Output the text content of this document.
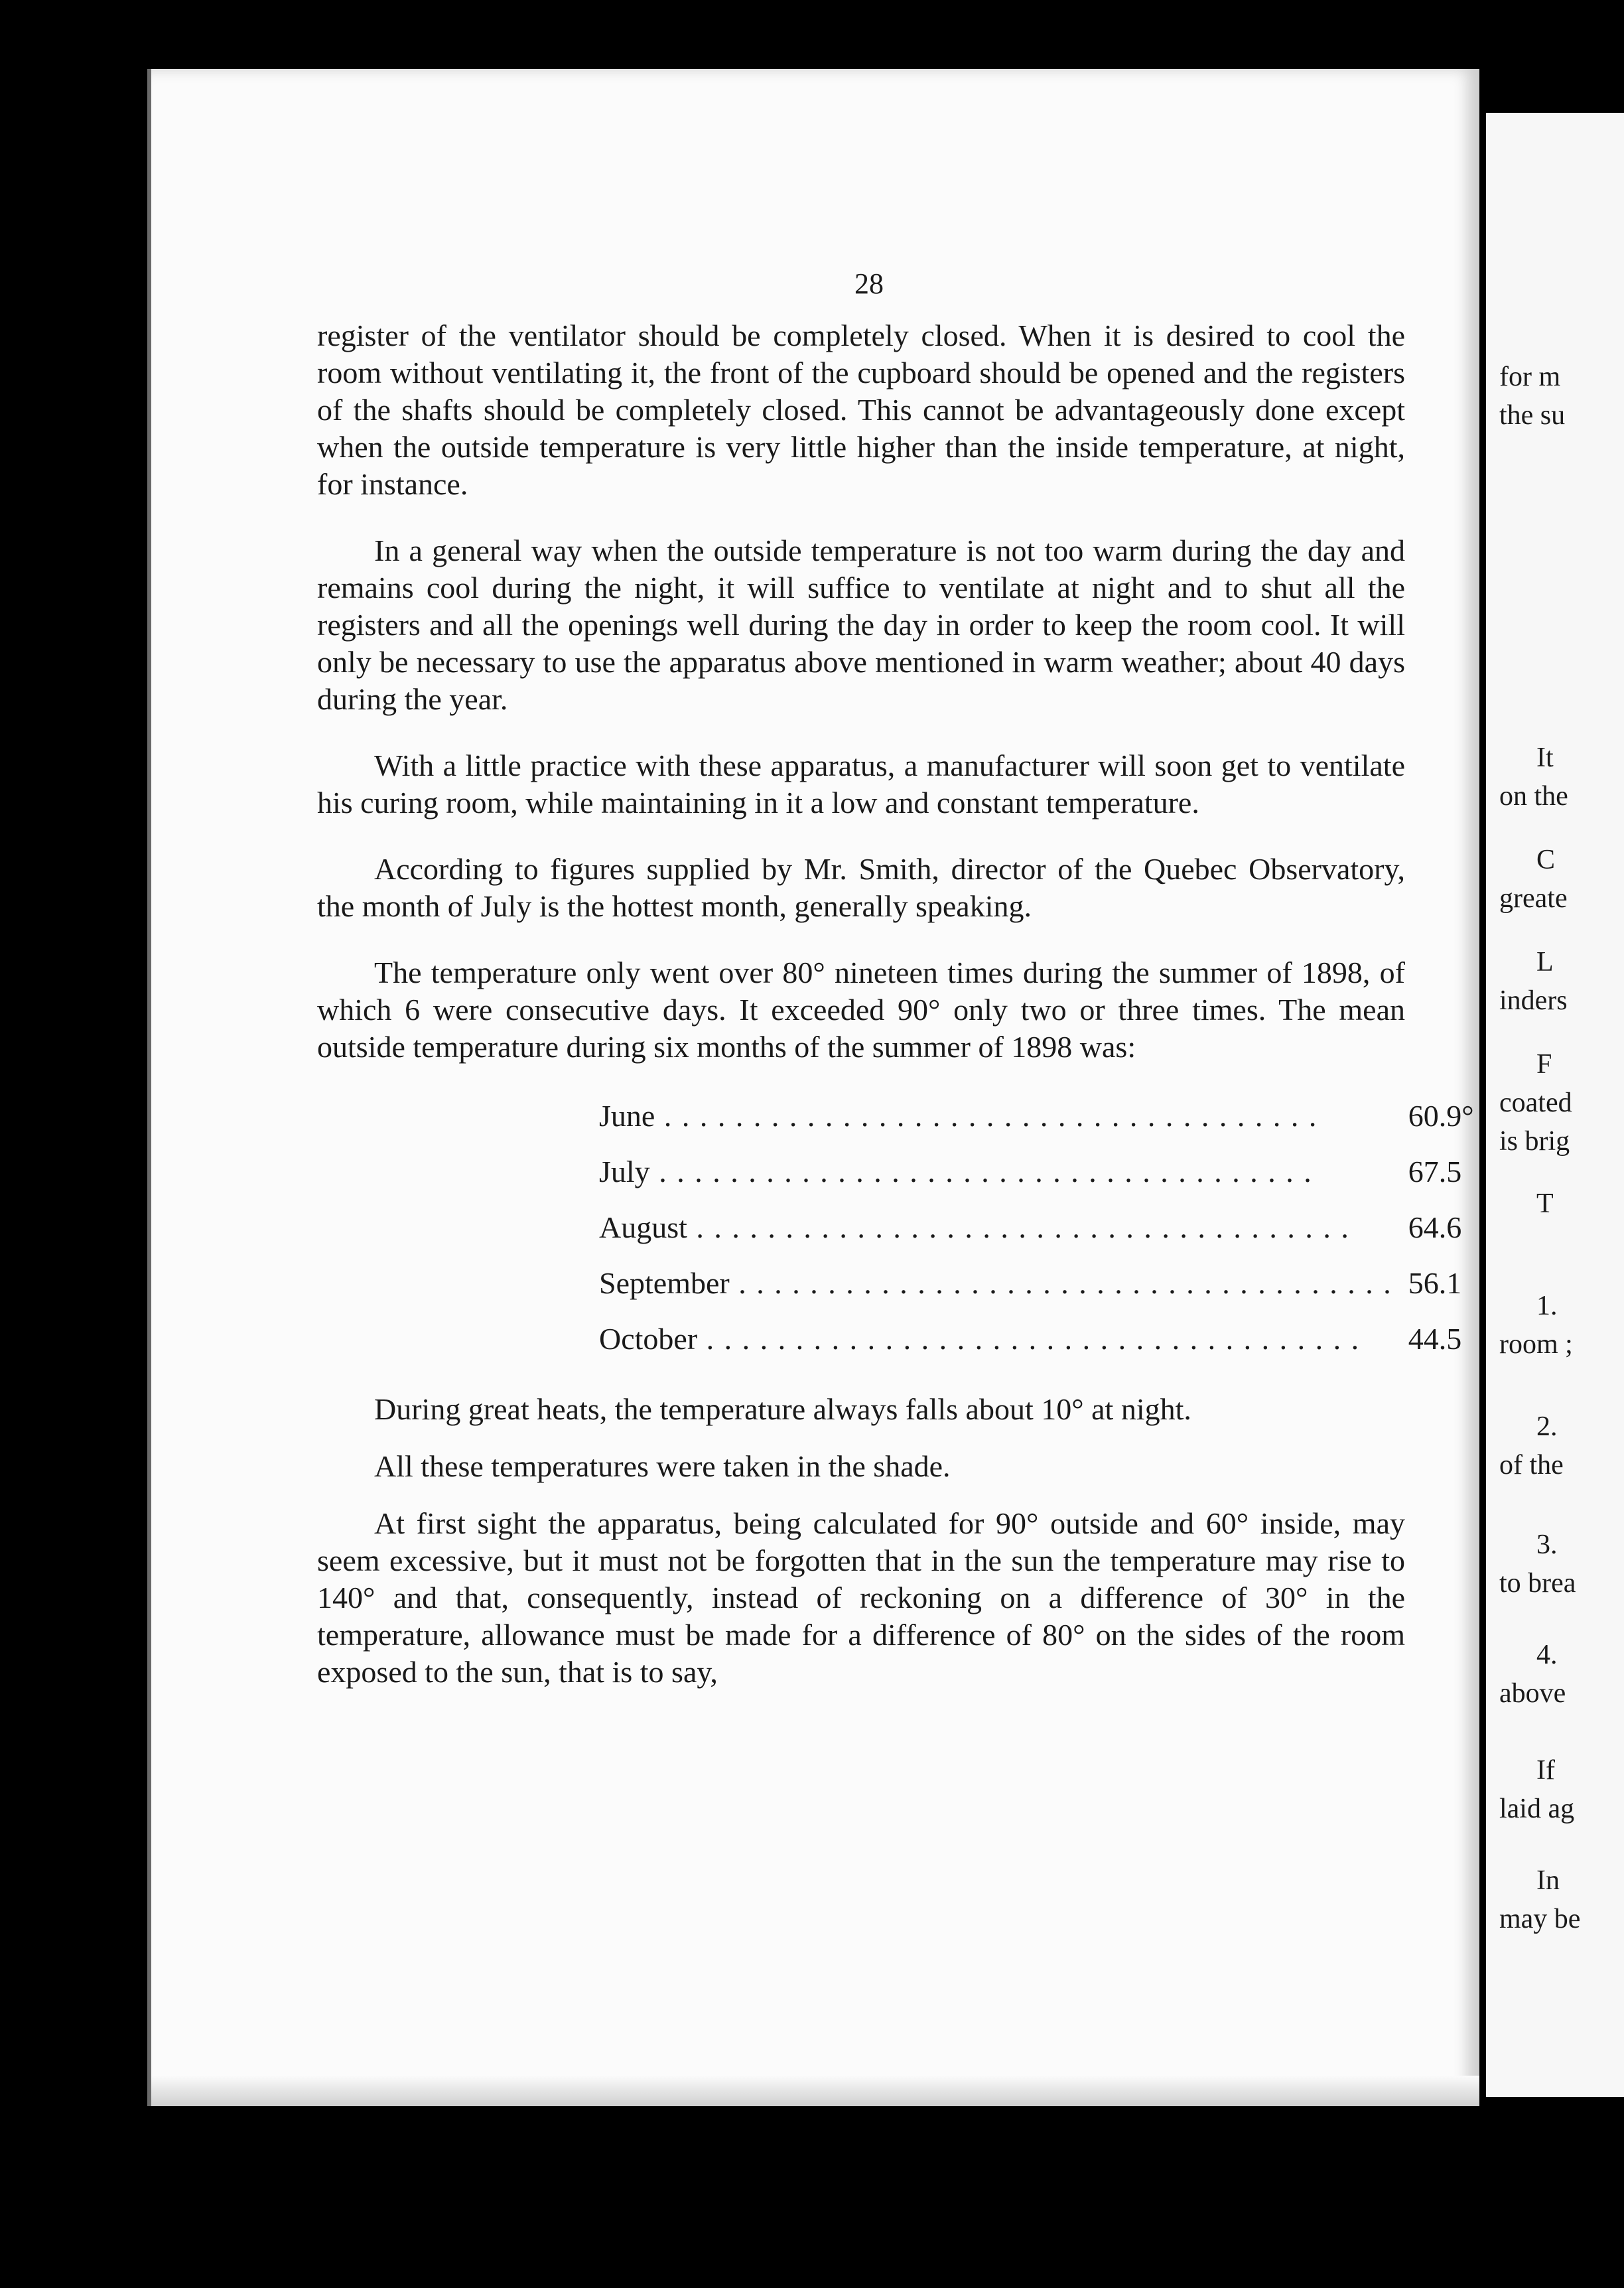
28

register of the ventilator should be completely closed. When it is desired to cool the room without ventilating it, the front of the cupboard should be opened and the registers of the shafts should be completely closed. This cannot be advantageously done except when the outside temperature is very little higher than the inside temperature, at night, for instance.

In a general way when the outside temperature is not too warm during the day and remains cool during the night, it will suffice to ventilate at night and to shut all the registers and all the openings well during the day in order to keep the room cool. It will only be necessary to use the apparatus above mentioned in warm weather; about 40 days during the year.

With a little practice with these apparatus, a manufacturer will soon get to ventilate his curing room, while maintaining in it a low and constant temperature.

According to figures supplied by Mr. Smith, director of the Quebec Observatory, the month of July is the hottest month, generally speaking.

The temperature only went over 80° nineteen times during the summer of 1898, of which 6 were consecutive days. It exceeded 90° only two or three times. The mean outside temperature during six months of the summer of 1898 was:

June . . .	60.9°
July . . .	67.5
August . . .	64.6
September . . .	56.1
October . . .	44.5

During great heats, the temperature always falls about 10° at night.

All these temperatures were taken in the shade.

At first sight the apparatus, being calculated for 90° outside and 60° inside, may seem excessive, but it must not be forgotten that in the sun the temperature may rise to 140° and that, consequently, instead of reckoning on a difference of 30° in the temperature, allowance must be made for a difference of 80° on the sides of the room exposed to the sun, that is to say,

for m
the su
It
on the
C
greate
L
inders
F
coated
is brig
T
1.
room ;
2.
of the
3.
to brea
4.
above
If
laid ag
In
may be
